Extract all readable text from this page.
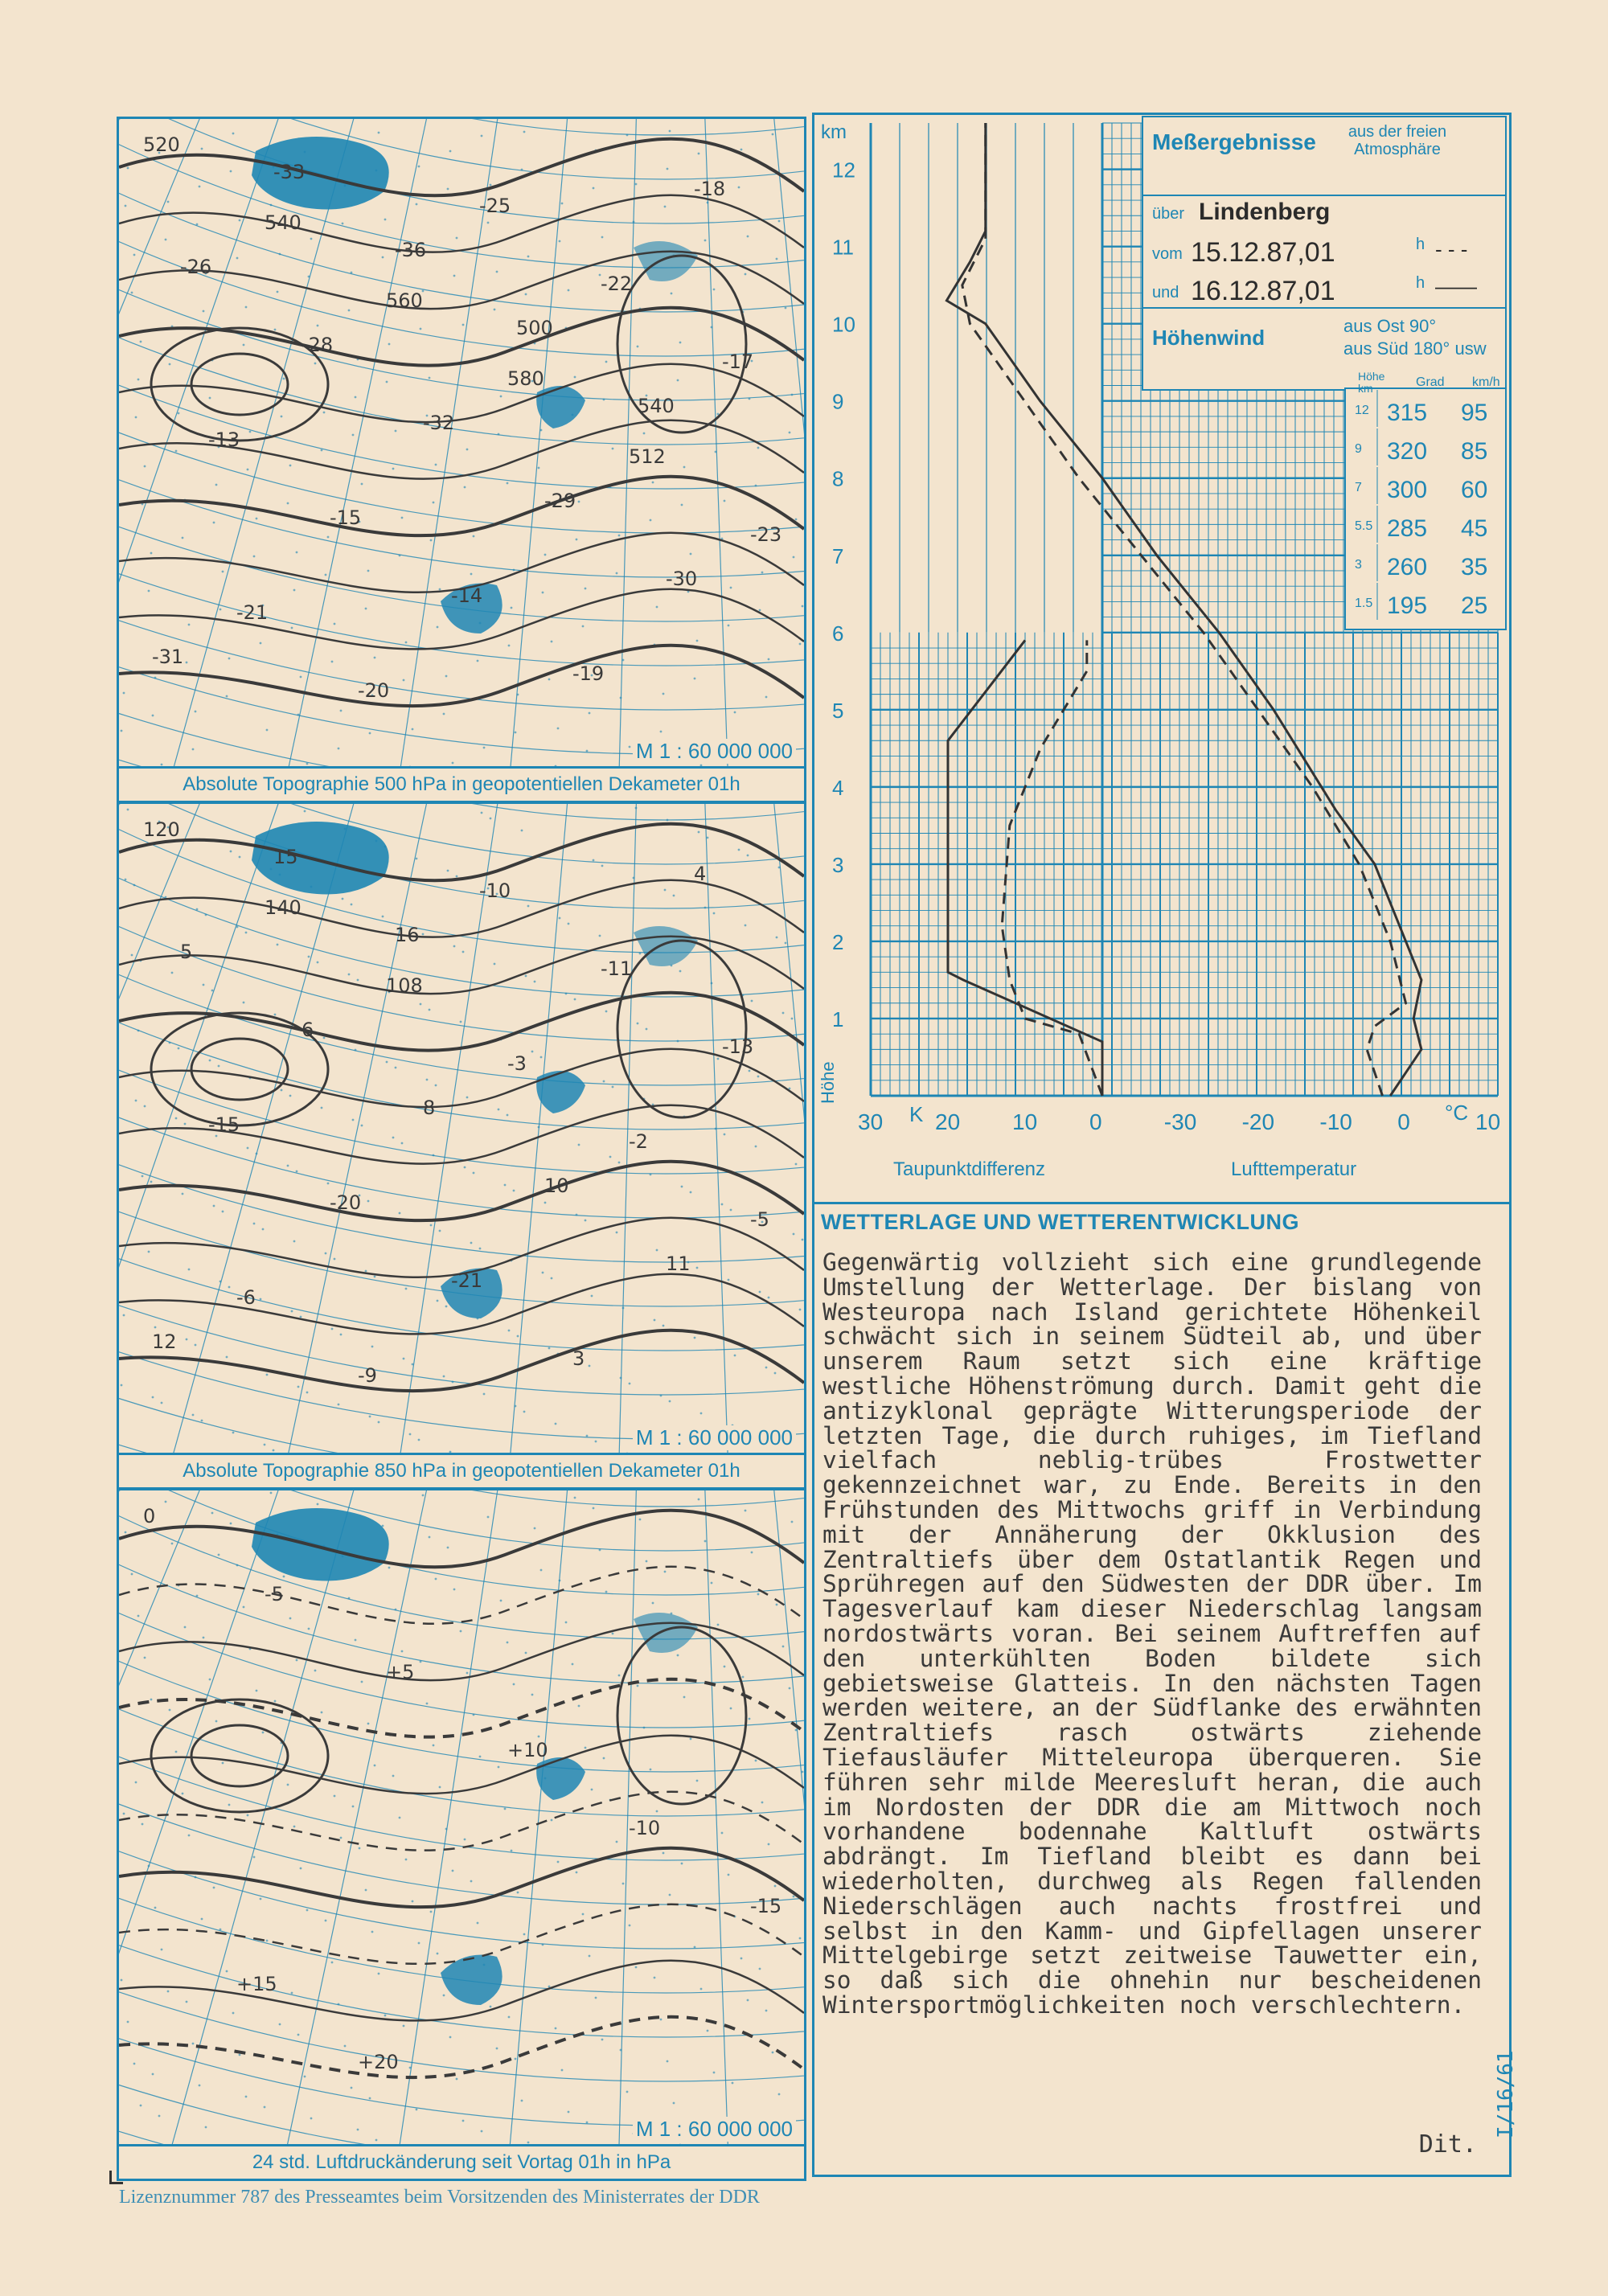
520
540
560
580
512
-23
-21
-20
-25
-22
-17
-13
-15
-14
-19
-18
-26
-28
-32
-29
-30
-31
-33
-36
500
540
M 1 : 60 000 000
Absolute Topographie 500 hPa in geopotentiellen Dekameter 01h
120
140
108
-3
-2
-5
-6
-9
-10
-11
-13
-15
-20
-21
3
4
5
6
8
10
11
12
15
16
M 1 : 60 000 000
Absolute Topographie 850 hPa in geopotentiellen Dekameter 01h
0
-5
+5
+10
-10
-15
+15
+20
M 1 : 60 000 000
24 std. Luftdruckänderung seit Vortag 01h in hPa
12 315 95
9 320 85
7 300 60
5.5 285 45
3 260 35
1.5 195 25
1
2
3
4
5
6
7
8
9
10
11
12
30 20 10 0	-30 -20 -10 0	10
Meßergebnisse aus der freien Atmosphäre
über Lindenberg
vom 15.12.87,01	h - - -
und 16.12.87,01	h ——
Höhenwind	aus Ost 90°
aus Süd 180° usw
Höhe km	Grad km/h
km
Höhe
Taupunktdifferenz
K
Lufttemperatur
°C
WETTERLAGE UND WETTERENTWICKLUNG
Gegenwärtig vollzieht sich eine grundlegende Umstellung der Wetterlage. Der bislang von Westeuropa nach Island gerichtete Höhenkeil schwächt sich in seinem Südteil ab, und über unserem Raum setzt sich eine kräftige westliche Höhenströmung durch. Damit geht die antizyklonal geprägte Witterungsperiode der letzten Tage, die durch ruhiges, im Tiefland vielfach neblig-trübes Frostwetter gekennzeichnet war, zu Ende. Bereits in den Frühstunden des Mittwochs griff in Verbindung mit der Annäherung der Okklusion des Zentraltiefs über dem Ostatlantik Regen und Sprühregen auf den Südwesten der DDR über. Im Tagesverlauf kam dieser Niederschlag langsam nordostwärts voran. Bei seinem Auftreffen auf den unterkühlten Boden bildete sich gebietsweise Glatteis. In den nächsten Tagen werden weitere, an der Südflanke des erwähnten Zentraltiefs rasch ostwärts ziehende Tiefausläufer Mitteleuropa überqueren. Sie führen sehr milde Meeresluft heran, die auch im Nordosten der DDR die am Mittwoch noch vorhandene bodennahe Kaltluft ostwärts abdrängt. Im Tiefland bleibt es dann bei wiederholten, durchweg als Regen fallenden Niederschlägen auch nachts frostfrei und selbst in den Kamm- und Gipfellagen unserer Mittelgebirge setzt zeitweise Tauwetter ein, so daß sich die ohnehin nur bescheidenen Wintersportmöglichkeiten noch verschlechtern.
Dit.
I/16/61
Lizenznummer 787 des Presseamtes beim Vorsitzenden des Ministerrates der DDR
